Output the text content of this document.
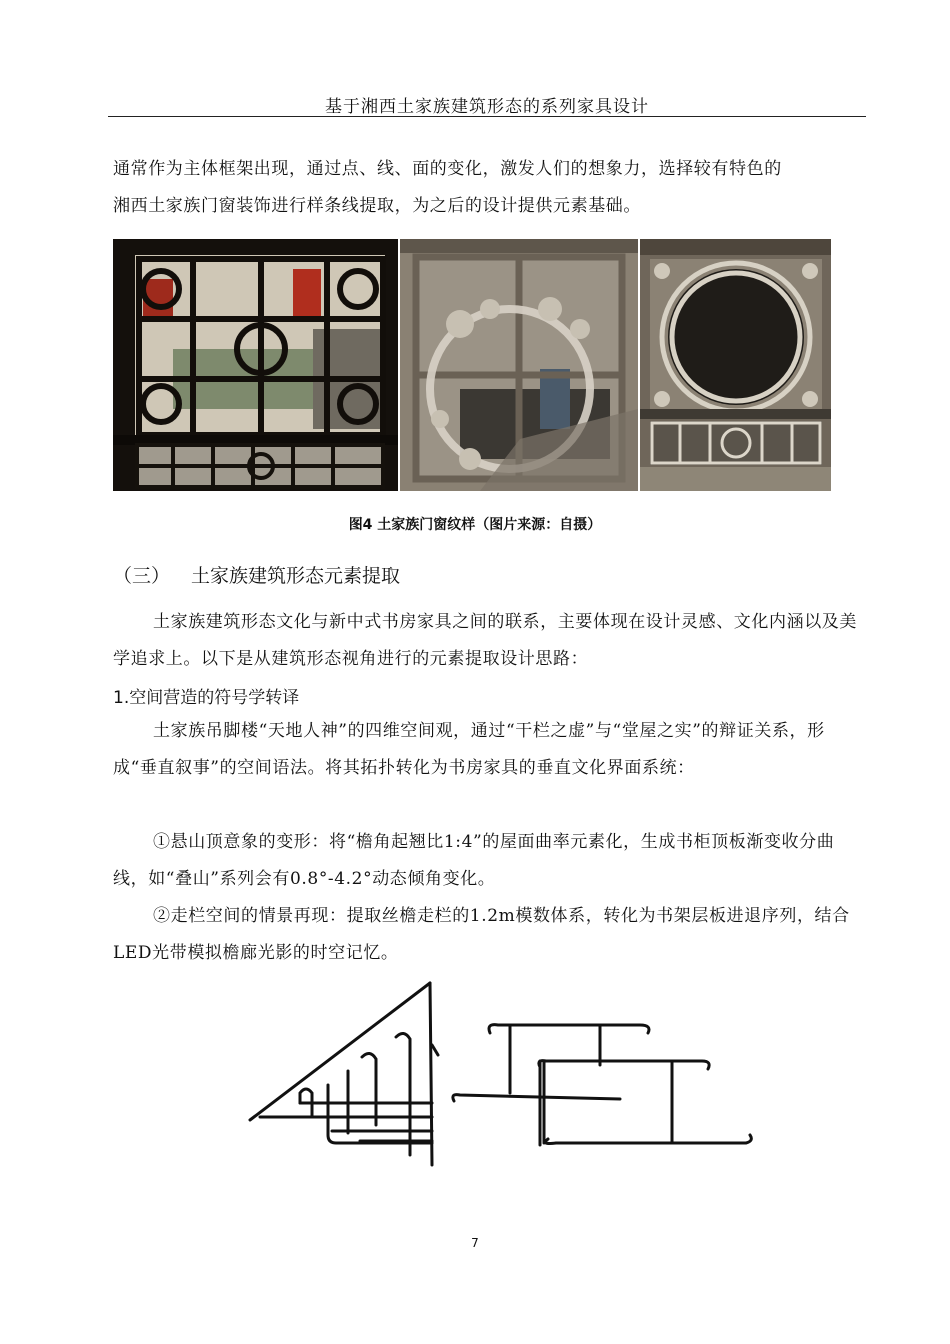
基于湘西土家族建筑形态的系列家具设计

通常作为主体框架出现，通过点、线、面的变化，激发人们的想象力，选择较有特色的
湘西土家族门窗装饰进行样条线提取，为之后的设计提供元素基础。

图4 土家族门窗纹样（图片来源：自摄）
（三） 土家族建筑形态元素提取

土家族建筑形态文化与新中式书房家具之间的联系，主要体现在设计灵感、文化内涵以及美学追求上。以下是从建筑形态视角进行的元素提取设计思路：

1.空间营造的符号学转译

土家族吊脚楼“天地人神”的四维空间观，通过“干栏之虚”与“堂屋之实”的辩证关系，形成“垂直叙事”的空间语法。将其拓扑转化为书房家具的垂直文化界面系统：

①悬山顶意象的变形：将“檐角起翘比1:4”的屋面曲率元素化，生成书柜顶板渐变收分曲线，如“叠山”系列会有0.8°-4.2°动态倾角变化。

②走栏空间的情景再现：提取丝檐走栏的1.2m模数体系，转化为书架层板进退序列，结合LED光带模拟檐廊光影的时空记忆。

7
